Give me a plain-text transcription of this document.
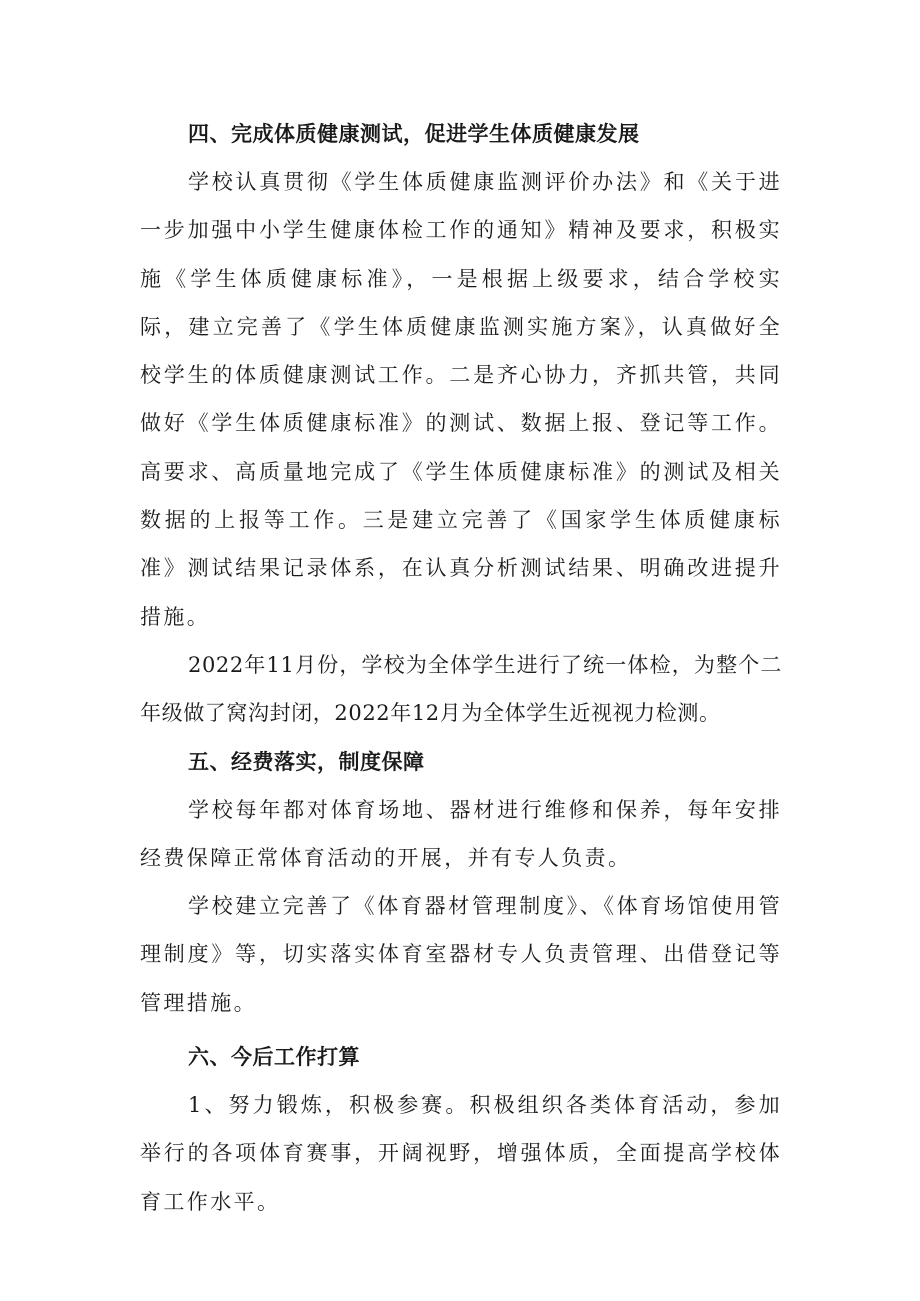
四、完成体质健康测试，促进学生体质健康发展

学校认真贯彻《学生体质健康监测评价办法》和《关于进一步加强中小学生健康体检工作的通知》精神及要求，积极实施《学生体质健康标准》，一是根据上级要求，结合学校实际，建立完善了《学生体质健康监测实施方案》，认真做好全校学生的体质健康测试工作。二是齐心协力，齐抓共管，共同做好《学生体质健康标准》的测试、数据上报、登记等工作。高要求、高质量地完成了《学生体质健康标准》的测试及相关数据的上报等工作。三是建立完善了《国家学生体质健康标准》测试结果记录体系，在认真分析测试结果、明确改进提升措施。

2022年11月份，学校为全体学生进行了统一体检，为整个二年级做了窝沟封闭，2022年12月为全体学生近视视力检测。

五、经费落实，制度保障

学校每年都对体育场地、器材进行维修和保养，每年安排经费保障正常体育活动的开展，并有专人负责。

学校建立完善了《体育器材管理制度》、《体育场馆使用管理制度》等，切实落实体育室器材专人负责管理、出借登记等管理措施。

六、今后工作打算

1、努力锻炼，积极参赛。积极组织各类体育活动，参加举行的各项体育赛事，开阔视野，增强体质，全面提高学校体育工作水平。
